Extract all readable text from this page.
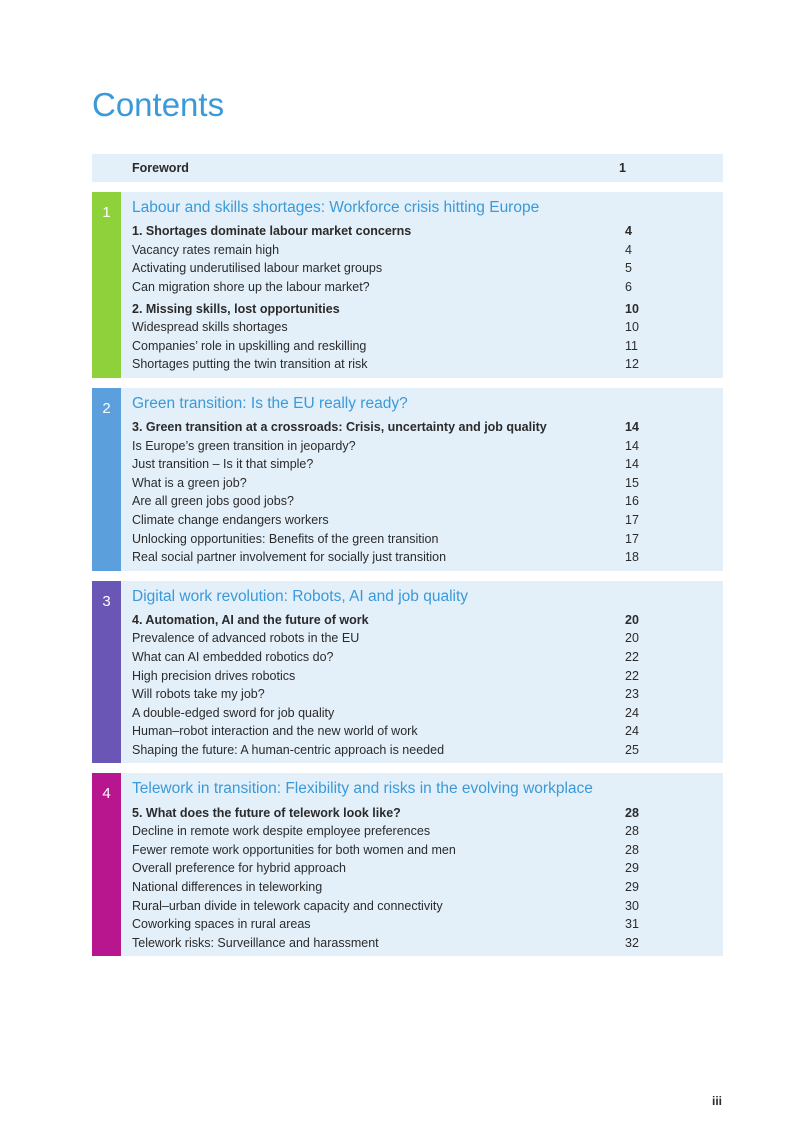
Contents
Foreword	1
1	Labour and skills shortages: Workforce crisis hitting Europe
1. Shortages dominate labour market concerns	4
Vacancy rates remain high	4
Activating underutilised labour market groups	5
Can migration shore up the labour market?	6
2. Missing skills, lost opportunities	10
Widespread skills shortages	10
Companies’ role in upskilling and reskilling	11
Shortages putting the twin transition at risk	12
2	Green transition: Is the EU really ready?
3. Green transition at a crossroads: Crisis, uncertainty and job quality	14
Is Europe’s green transition in jeopardy?	14
Just transition – Is it that simple?	14
What is a green job?	15
Are all green jobs good jobs?	16
Climate change endangers workers	17
Unlocking opportunities: Benefits of the green transition	17
Real social partner involvement for socially just transition	18
3	Digital work revolution: Robots, AI and job quality
4. Automation, AI and the future of work	20
Prevalence of advanced robots in the EU	20
What can AI embedded robotics do?	22
High precision drives robotics	22
Will robots take my job?	23
A double-edged sword for job quality	24
Human–robot interaction and the new world of work	24
Shaping the future: A human-centric approach is needed	25
4	Telework in transition: Flexibility and risks in the evolving workplace
5. What does the future of telework look like?	28
Decline in remote work despite employee preferences	28
Fewer remote work opportunities for both women and men	28
Overall preference for hybrid approach	29
National differences in teleworking	29
Rural–urban divide in telework capacity and connectivity	30
Coworking spaces in rural areas	31
Telework risks: Surveillance and harassment	32
iii
